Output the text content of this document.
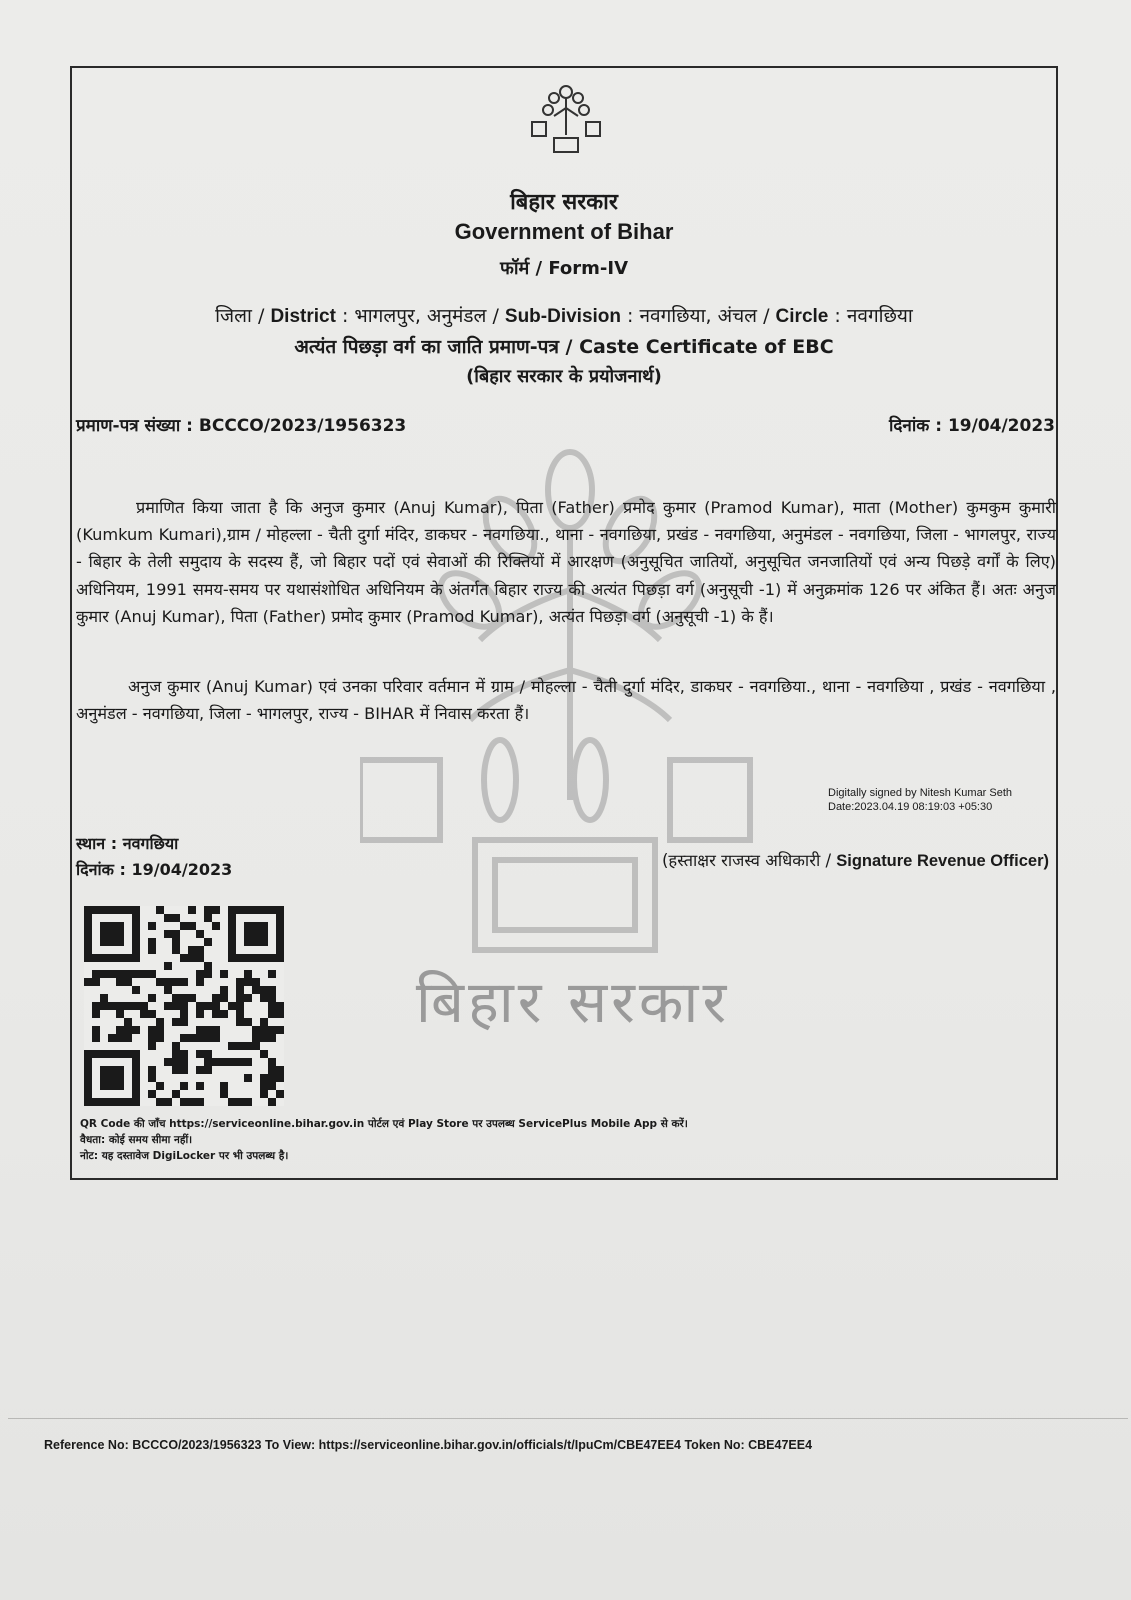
बिहार सरकार
बिहार सरकार
Government of Bihar
फॉर्म / Form-IV
जिला / District : भागलपुर, अनुमंडल / Sub-Division : नवगछिया, अंचल / Circle : नवगछिया
अत्यंत पिछड़ा वर्ग का जाति प्रमाण-पत्र / Caste Certificate of EBC
(बिहार सरकार के प्रयोजनार्थ)
प्रमाण-पत्र संख्या : BCCCO/2023/1956323	दिनांक : 19/04/2023
प्रमाणित किया जाता है कि अनुज कुमार (Anuj Kumar), पिता (Father) प्रमोद कुमार (Pramod Kumar), माता (Mother) कुमकुम कुमारी (Kumkum Kumari),ग्राम / मोहल्ला - चैती दुर्गा मंदिर, डाकघर - नवगछिया., थाना - नवगछिया, प्रखंड - नवगछिया, अनुमंडल - नवगछिया, जिला - भागलपुर, राज्य - बिहार के तेली समुदाय के सदस्य हैं, जो बिहार पदों एवं सेवाओं की रिक्तियों में आरक्षण (अनुसूचित जातियों, अनुसूचित जनजातियों एवं अन्य पिछड़े वर्गों के लिए) अधिनियम, 1991 समय-समय पर यथासंशोधित अधिनियम के अंतर्गत बिहार राज्य की अत्यंत पिछड़ा वर्ग (अनुसूची -1) में अनुक्रमांक 126 पर अंकित हैं। अतः अनुज कुमार (Anuj Kumar), पिता (Father) प्रमोद कुमार (Pramod Kumar), अत्यंत पिछड़ा वर्ग (अनुसूची -1) के हैं।
अनुज कुमार (Anuj Kumar) एवं उनका परिवार वर्तमान में ग्राम / मोहल्ला - चैती दुर्गा मंदिर, डाकघर - नवगछिया., थाना - नवगछिया , प्रखंड - नवगछिया , अनुमंडल - नवगछिया, जिला - भागलपुर, राज्य - BIHAR में निवास करता हैं।
Digitally signed by Nitesh Kumar Seth
Date:2023.04.19 08:19:03 +05:30
स्थान : नवगछिया
दिनांक : 19/04/2023	(हस्ताक्षर राजस्व अधिकारी / Signature Revenue Officer)
QR Code की जाँच https://serviceonline.bihar.gov.in पोर्टल एवं Play Store पर उपलब्ध ServicePlus Mobile App से करें।
वैधता: कोई समय सीमा नहीं।
नोट: यह दस्तावेज DigiLocker पर भी उपलब्ध है।
Reference No: BCCCO/2023/1956323 To View: https://serviceonline.bihar.gov.in/officials/t/IpuCm/CBE47EE4 Token No: CBE47EE4
